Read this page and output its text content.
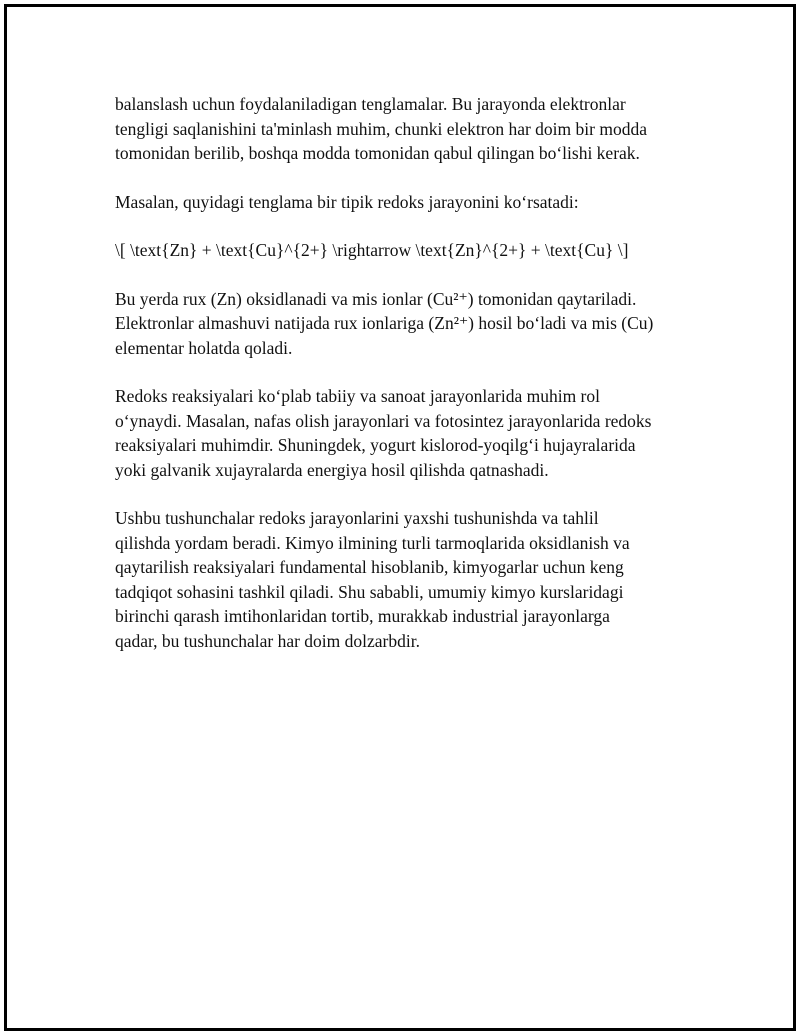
balanslash uchun foydalaniladigan tenglamalar. Bu jarayonda elektronlar
tengligi saqlanishini ta'minlash muhim, chunki elektron har doim bir modda
tomonidan berilib, boshqa modda tomonidan qabul qilingan bo‘lishi kerak.

Masalan, quyidagi tenglama bir tipik redoks jarayonini ko‘rsatadi:

\[ \text{Zn} + \text{Cu}^{2+} \rightarrow \text{Zn}^{2+} + \text{Cu} \]

Bu yerda rux (Zn) oksidlanadi va mis ionlar (Cu²⁺) tomonidan qaytariladi.
Elektronlar almashuvi natijada rux ionlariga (Zn²⁺) hosil bo‘ladi va mis (Cu)
elementar holatda qoladi.

Redoks reaksiyalari ko‘plab tabiiy va sanoat jarayonlarida muhim rol
o‘ynaydi. Masalan, nafas olish jarayonlari va fotosintez jarayonlarida redoks
reaksiyalari muhimdir. Shuningdek, yogurt kislorod-yoqilg‘i hujayralarida
yoki galvanik xujayralarda energiya hosil qilishda qatnashadi.

Ushbu tushunchalar redoks jarayonlarini yaxshi tushunishda va tahlil
qilishda yordam beradi. Kimyo ilmining turli tarmoqlarida oksidlanish va
qaytarilish reaksiyalari fundamental hisoblanib, kimyogarlar uchun keng
tadqiqot sohasini tashkil qiladi. Shu sababli, umumiy kimyo kurslaridagi
birinchi qarash imtihonlaridan tortib, murakkab industrial jarayonlarga
qadar, bu tushunchalar har doim dolzarbdir.
